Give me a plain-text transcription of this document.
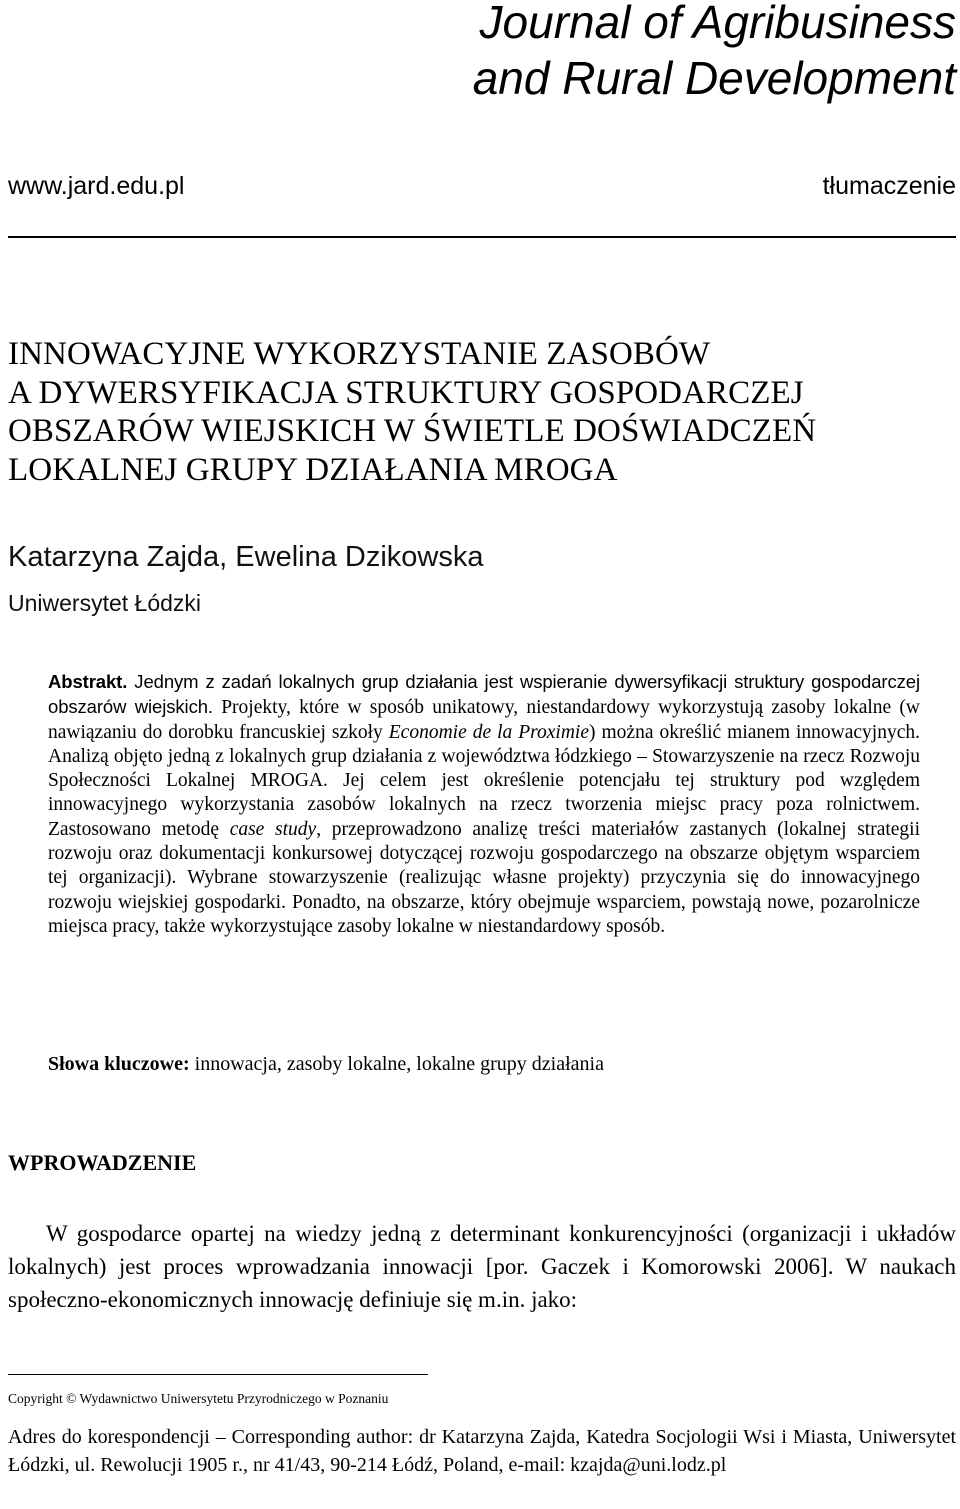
Journal of Agribusiness
and Rural Development
www.jard.edu.pl	tłumaczenie
INNOWACYJNE WYKORZYSTANIE ZASOBÓW
A DYWERSYFIKACJA STRUKTURY GOSPODARCZEJ
OBSZARÓW WIEJSKICH W ŚWIETLE DOŚWIADCZEŃ
LOKALNEJ GRUPY DZIAŁANIA MROGA
Katarzyna Zajda, Ewelina Dzikowska
Uniwersytet Łódzki

Abstrakt. Jednym z zadań lokalnych grup działania jest wspieranie dywersyfikacji struktury gospodarczej obszarów wiejskich. Projekty, które w sposób unikatowy, niestandardowy wykorzystują zasoby lokalne (w nawiązaniu do dorobku francuskiej szkoły Economie de la Proximie) można określić mianem innowacyjnych. Analizą objęto jedną z lokalnych grup działania z województwa łódzkiego – Stowarzyszenie na rzecz Rozwoju Społeczności Lokalnej MROGA. Jej celem jest określenie potencjału tej struktury pod względem innowacyjnego wykorzystania zasobów lokalnych na rzecz tworzenia miejsc pracy poza rolnictwem. Zastosowano metodę case study, przeprowadzono analizę treści materiałów zastanych (lokalnej strategii rozwoju oraz dokumentacji konkursowej dotyczącej rozwoju gospodarczego na obszarze objętym wsparciem tej organizacji). Wybrane stowarzyszenie (realizując własne projekty) przyczynia się do innowacyjnego rozwoju wiejskiej gospodarki. Ponadto, na obszarze, który obejmuje wsparciem, powstają nowe, pozarolnicze miejsca pracy, także wykorzystujące zasoby lokalne w niestandardowy sposób.

Słowa kluczowe: innowacja, zasoby lokalne, lokalne grupy działania
WPROWADZENIE

W gospodarce opartej na wiedzy jedną z determinant konkurencyjności (organizacji i układów lokalnych) jest proces wprowadzania innowacji [por. Gaczek i Komorowski 2006]. W naukach społeczno-ekonomicznych innowację definiuje się m.in. jako:

Copyright © Wydawnictwo Uniwersytetu Przyrodniczego w Poznaniu

Adres do korespondencji – Corresponding author: dr Katarzyna Zajda, Katedra Socjologii Wsi i Miasta, Uniwersytet Łódzki, ul. Rewolucji 1905 r., nr 41/43, 90-214 Łódź, Poland, e-mail: kzajda@uni.lodz.pl
